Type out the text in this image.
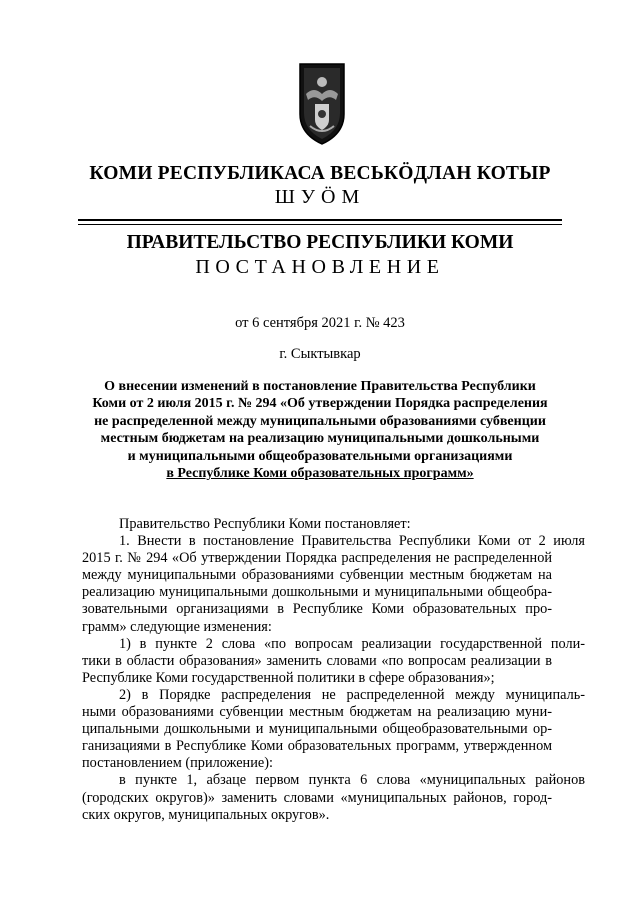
КОМИ РЕСПУБЛИКАСА ВЕСЬКӦДЛАН КОТЫР
ШУÖМ
ПРАВИТЕЛЬСТВО РЕСПУБЛИКИ КОМИ
ПОСТАНОВЛЕНИЕ
от 6 сентября 2021 г. № 423
г. Сыктывкар
О внесении изменений в постановление Правительства Республики
Коми от 2 июля 2015 г. № 294 «Об утверждении Порядка распределения
не распределенной между муниципальными образованиями субвенции
местным бюджетам на реализацию муниципальными дошкольными
и муниципальными общеобразовательными организациями
в Республике Коми образовательных программ»
Правительство Республики Коми постановляет:
1. Внести в постановление Правительства Республики Коми от 2 июля
2015 г. № 294 «Об утверждении Порядка распределения не распределенной
между муниципальными образованиями субвенции местным бюджетам на
реализацию муниципальными дошкольными и муниципальными общеобра-
зовательными организациями в Республике Коми образовательных про-
грамм» следующие изменения:
1) в пункте 2 слова «по вопросам реализации государственной поли-
тики в области образования» заменить словами «по вопросам реализации в
Республике Коми государственной политики в сфере образования»;
2) в Порядке распределения не распределенной между муниципаль-
ными образованиями субвенции местным бюджетам на реализацию муни-
ципальными дошкольными и муниципальными общеобразовательными ор-
ганизациями в Республике Коми образовательных программ, утвержденном
постановлением (приложение):
в пункте 1, абзаце первом пункта 6 слова «муниципальных районов
(городских округов)» заменить словами «муниципальных районов, город-
ских округов, муниципальных округов».
